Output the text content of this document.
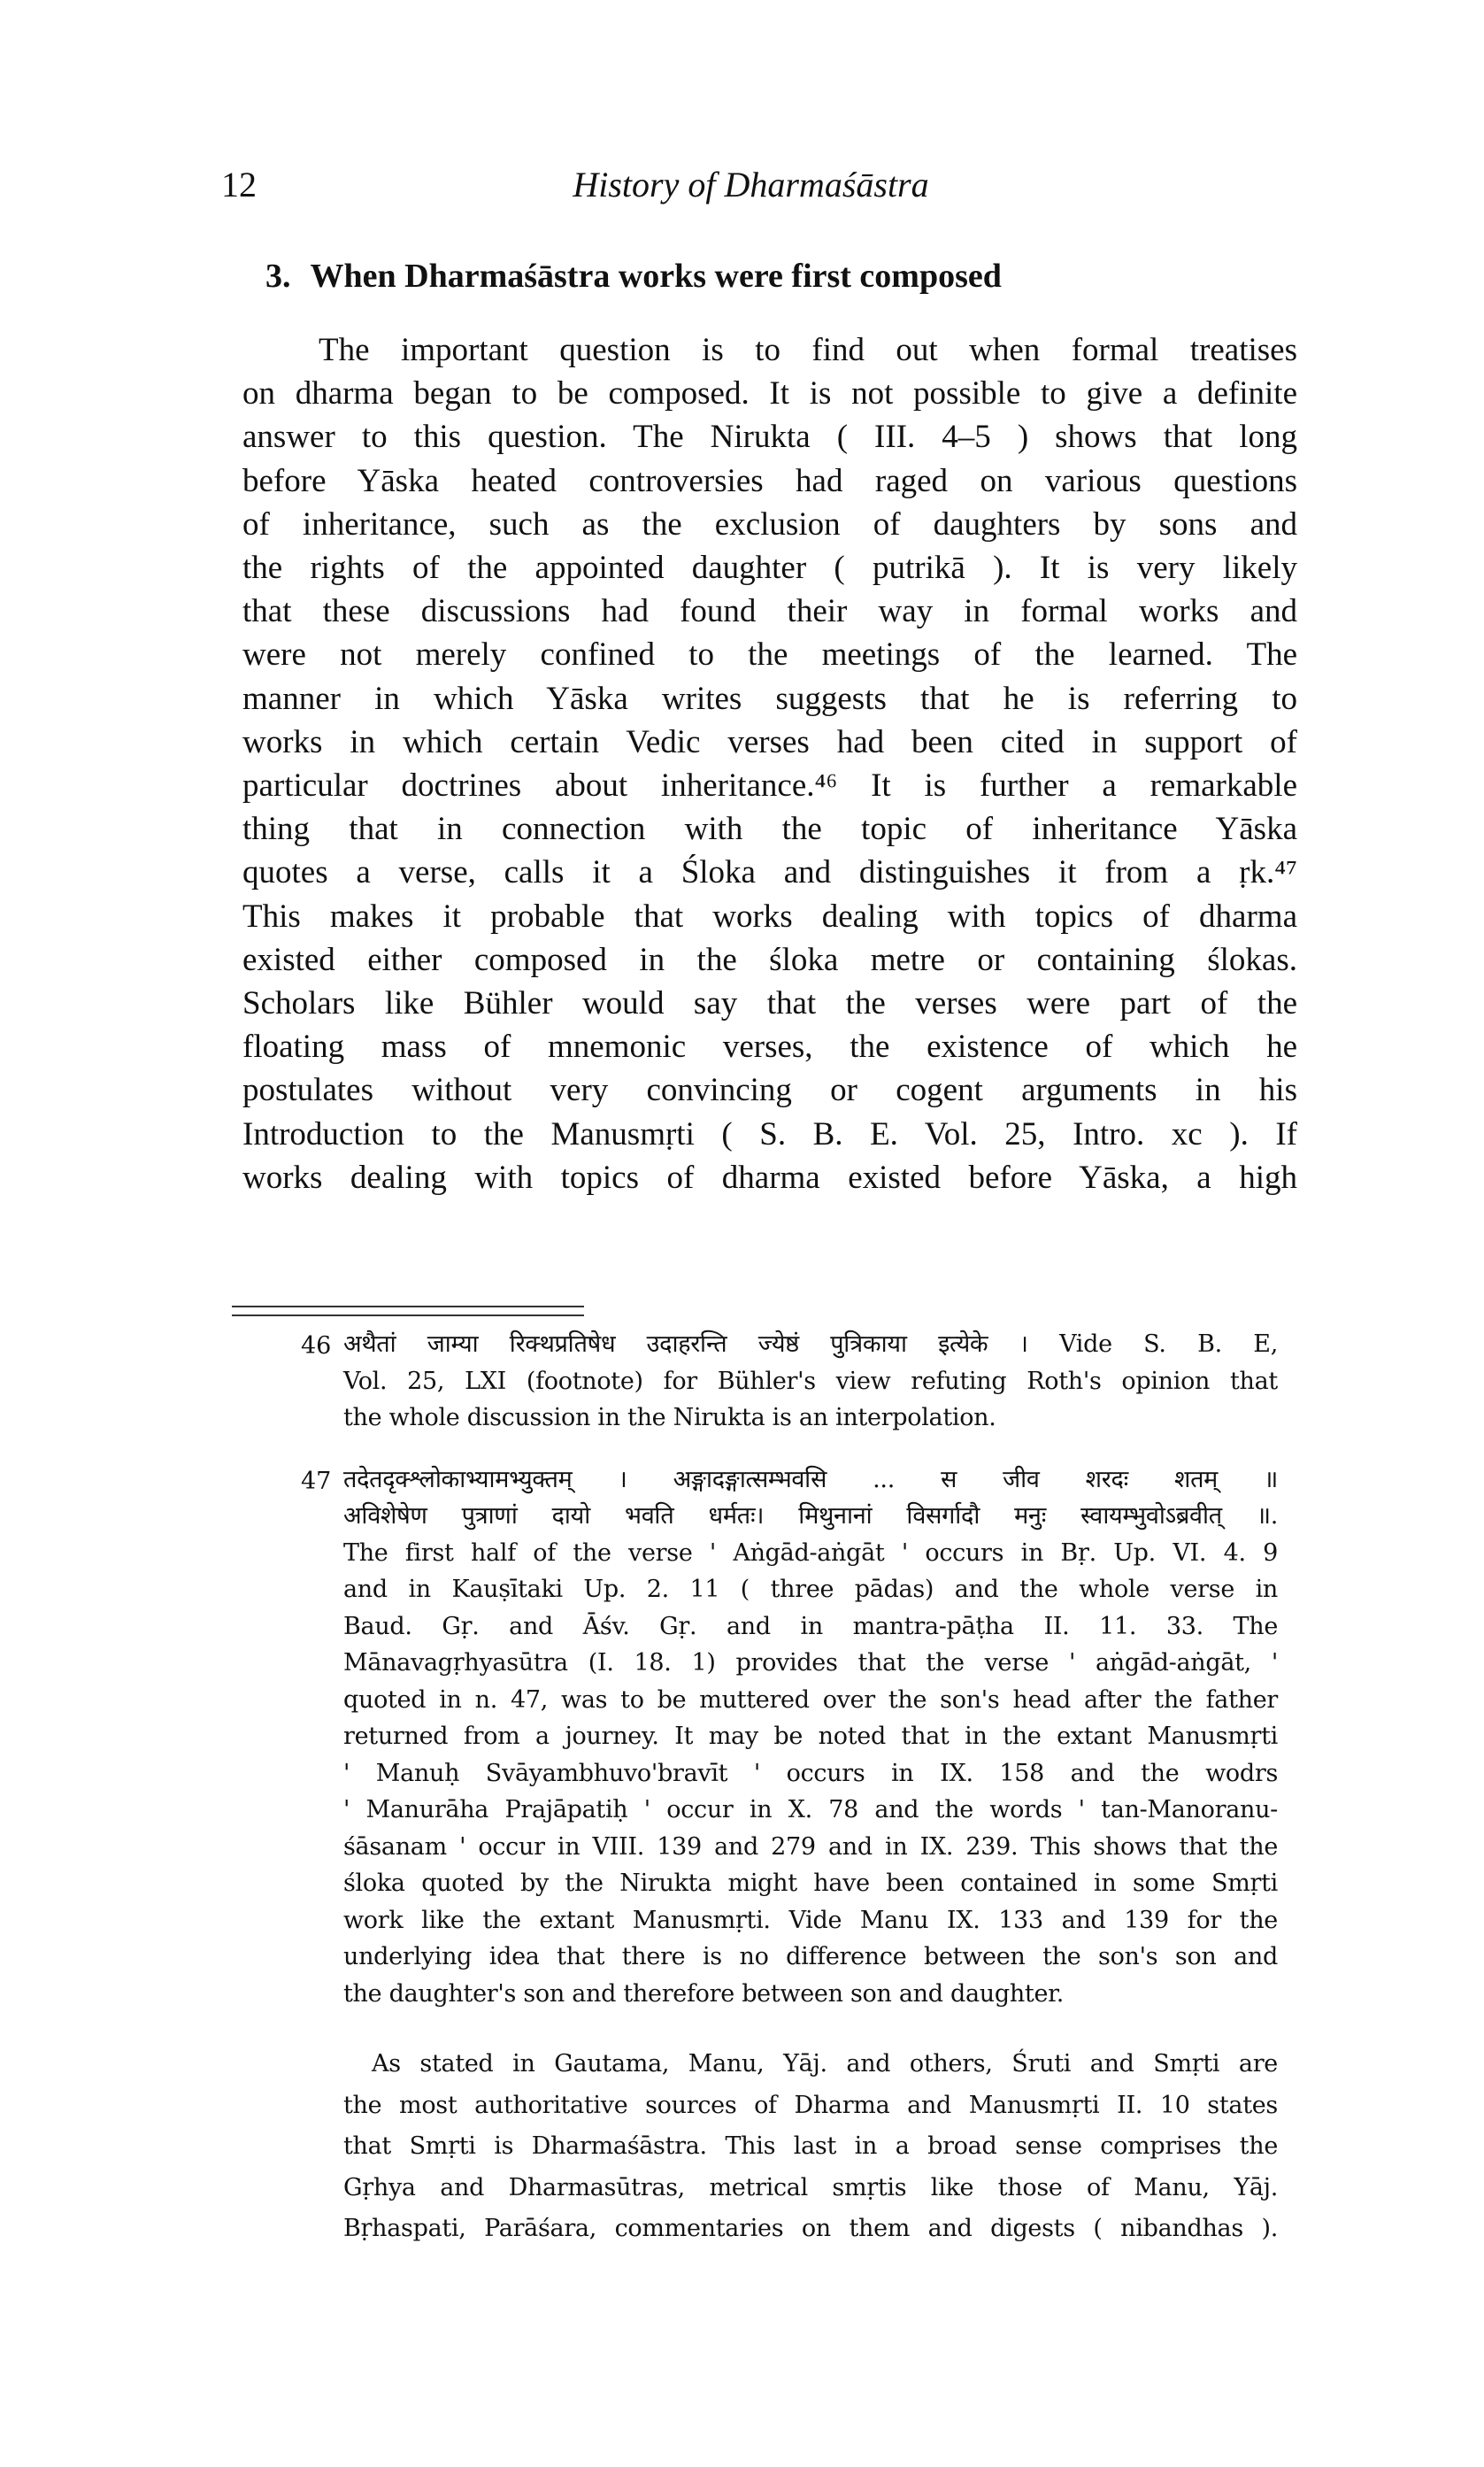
12	History of Dharmaśāstra
3. When Dharmaśāstra works were first composed
The important question is to find out when formal treatises
on dharma began to be composed. It is not possible to give a definite
answer to this question. The Nirukta ( III. 4–5 ) shows that long
before Yāska heated controversies had raged on various questions
of inheritance, such as the exclusion of daughters by sons and
the rights of the appointed daughter ( putrikā ). It is very likely
that these discussions had found their way in formal works and
were not merely confined to the meetings of the learned. The
manner in which Yāska writes suggests that he is referring to
works in which certain Vedic verses had been cited in support of
particular doctrines about inheritance.⁴⁶ It is further a remarkable
thing that in connection with the topic of inheritance Yāska
quotes a verse, calls it a Śloka and distinguishes it from a ṛk.⁴⁷
This makes it probable that works dealing with topics of dharma
existed either composed in the śloka metre or containing ślokas.
Scholars like Bühler would say that the verses were part of the
floating mass of mnemonic verses, the existence of which he
postulates without very convincing or cogent arguments in his
Introduction to the Manusmṛti ( S. B. E. Vol. 25, Intro. xc ). If
works dealing with topics of dharma existed before Yāska, a high
46 अथैतां जाम्या रिक्थप्रतिषेध उदाहरन्ति ज्येष्ठं पुत्रिकाया इत्येके । Vide S. B. E,
Vol. 25, LXI (footnote) for Bühler's view refuting Roth's opinion that
the whole discussion in the Nirukta is an interpolation.
47 तदेतदृक्श्लोकाभ्यामभ्युक्तम् । अङ्गादङ्गात्सम्भवसि ... स जीव शरदः शतम् ॥
अविशेषेण पुत्राणां दायो भवति धर्मतः। मिथुनानां विसर्गादौ मनुः स्वायम्भुवोऽब्रवीत् ॥.
The first half of the verse ' Aṅgād-aṅgāt ' occurs in Bṛ. Up. VI. 4. 9
and in Kauṣītaki Up. 2. 11 ( three pādas) and the whole verse in
Baud. Gṛ. and Āśv. Gṛ. and in mantra-pāṭha II. 11. 33. The
Mānavagṛhyasūtra (I. 18. 1) provides that the verse ' aṅgād-aṅgāt, '
quoted in n. 47, was to be muttered over the son's head after the father
returned from a journey. It may be noted that in the extant Manusmṛti
' Manuḥ Svāyambhuvo'bravīt ' occurs in IX. 158 and the wodrs
' Manurāha Prajāpatiḥ ' occur in X. 78 and the words ' tan-Manoranu-
śāsanam ' occur in VIII. 139 and 279 and in IX. 239. This shows that the
śloka quoted by the Nirukta might have been contained in some Smṛti
work like the extant Manusmṛti. Vide Manu IX. 133 and 139 for the
underlying idea that there is no difference between the son's son and
the daughter's son and therefore between son and daughter.
As stated in Gautama, Manu, Yāj. and others, Śruti and Smṛti are
the most authoritative sources of Dharma and Manusmṛti II. 10 states
that Smṛti is Dharmaśāstra. This last in a broad sense comprises the
Gṛhya and Dharmasūtras, metrical smṛtis like those of Manu, Yāj.
Bṛhaspati, Parāśara, commentaries on them and digests ( nibandhas ).
